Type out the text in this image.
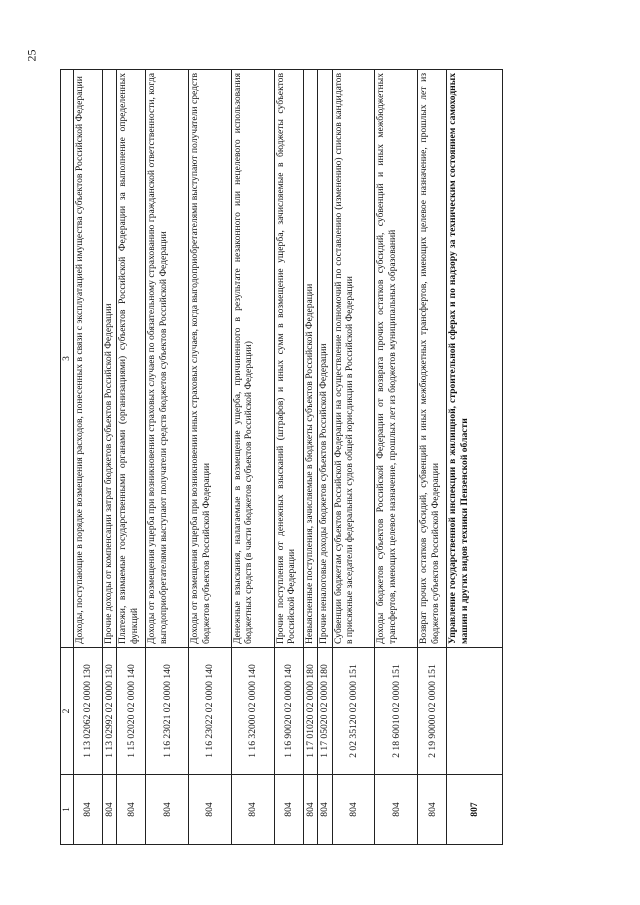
25
1	2	3
804	1 13 02062 02 0000 130	Доходы, поступающие в порядке возмещения расходов, понесенных в связи с эксплуатацией имущества субъектов Российской Федерации
804	1 13 02992 02 0000 130	Прочие доходы от компенсации затрат бюджетов субъектов Российской Федерации
804	1 15 02020 02 0000 140	Платежи, взимаемые государственными органами (организациями) субъектов Российской Федерации за выполнение определенных функций
804	1 16 23021 02 0000 140	Доходы от возмещения ущерба при возникновении страховых случаев по обязательному страхованию гражданской ответственности, когда выгодоприобретателями выступают получатели средств бюджетов субъектов Российской Федерации
804	1 16 23022 02 0000 140	Доходы от возмещения ущерба при возникновении иных страховых случаев, когда выгодоприобретателями выступают получатели средств бюджетов субъектов Российской Федерации
804	1 16 32000 02 0000 140	Денежные взыскания, налагаемые в возмещение ущерба, причиненного в результате незаконного или нецелевого использования бюджетных средств (в части бюджетов субъектов Российской Федерации)
804	1 16 90020 02 0000 140	Прочие поступления от денежных взысканий (штрафов) и иных сумм в возмещение ущерба, зачисляемые в бюджеты субъектов Российской Федерации
804	1 17 01020 02 0000 180	Невыясненные поступления, зачисляемые в бюджеты субъектов Российской Федерации
804	1 17 05020 02 0000 180	Прочие неналоговые доходы бюджетов субъектов Российской Федерации
804	2 02 35120 02 0000 151	Субвенции бюджетам субъектов Российской Федерации на осуществление полномочий по составлению (изменению) списков кандидатов в присяжные заседатели федеральных судов общей юрисдикции в Российской Федерации
804	2 18 60010 02 0000 151	Доходы бюджетов субъектов Российской Федерации от возврата прочих остатков субсидий, субвенций и иных межбюджетных трансфертов, имеющих целевое назначение, прошлых лет из бюджетов муниципальных образований
804	2 19 90000 02 0000 151	Возврат прочих остатков субсидий, субвенций и иных межбюджетных трансфертов, имеющих целевое назначение, прошлых лет из бюджетов субъектов Российской Федерации
807		Управление государственной инспекции в жилищной, строительной сферах и по надзору за техническим состоянием самоходных машин и других видов техники Пензенской области
